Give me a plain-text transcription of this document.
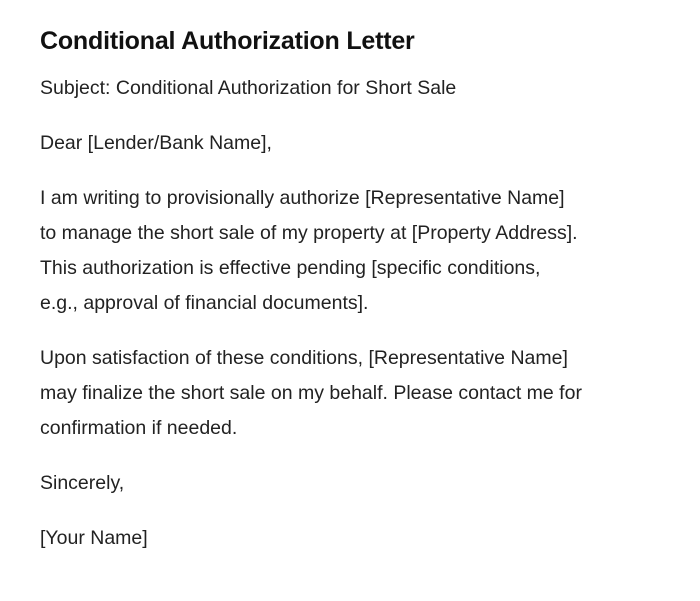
Conditional Authorization Letter

Subject: Conditional Authorization for Short Sale

Dear [Lender/Bank Name],

I am writing to provisionally authorize [Representative Name]
to manage the short sale of my property at [Property Address].
This authorization is effective pending [specific conditions,
e.g., approval of financial documents].

Upon satisfaction of these conditions, [Representative Name]
may finalize the short sale on my behalf. Please contact me for
confirmation if needed.

Sincerely,

[Your Name]
